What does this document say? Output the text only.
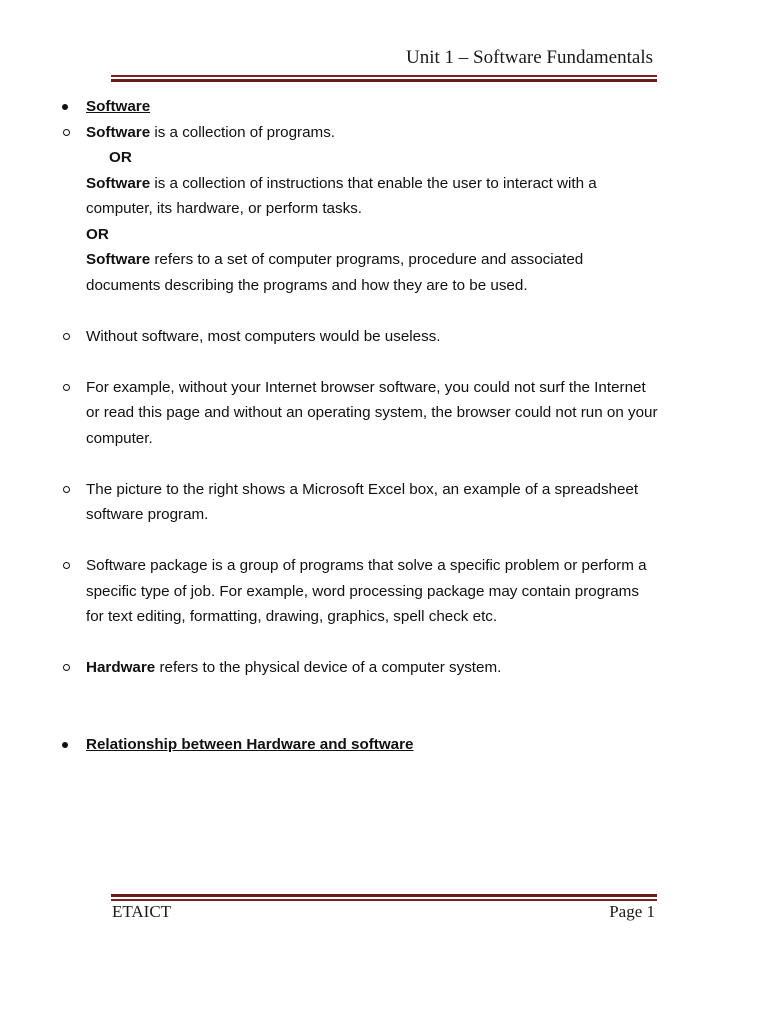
Unit 1 – Software Fundamentals
Software
Software is a collection of programs.
OR
Software is a collection of instructions that enable the user to interact with a computer, its hardware, or perform tasks.
OR
Software refers to a set of computer programs, procedure and associated documents describing the programs and how they are to be used.
Without software, most computers would be useless.
For example, without your Internet browser software, you could not surf the Internet or read this page and without an operating system, the browser could not run on your computer.
The picture to the right shows a Microsoft Excel box, an example of a spreadsheet software program.
Software package is a group of programs that solve a specific problem or perform a specific type of job. For example, word processing package may contain programs for text editing, formatting, drawing, graphics, spell check etc.
Hardware refers to the physical device of a computer system.
Relationship between Hardware and software
ETAICT	Page 1
